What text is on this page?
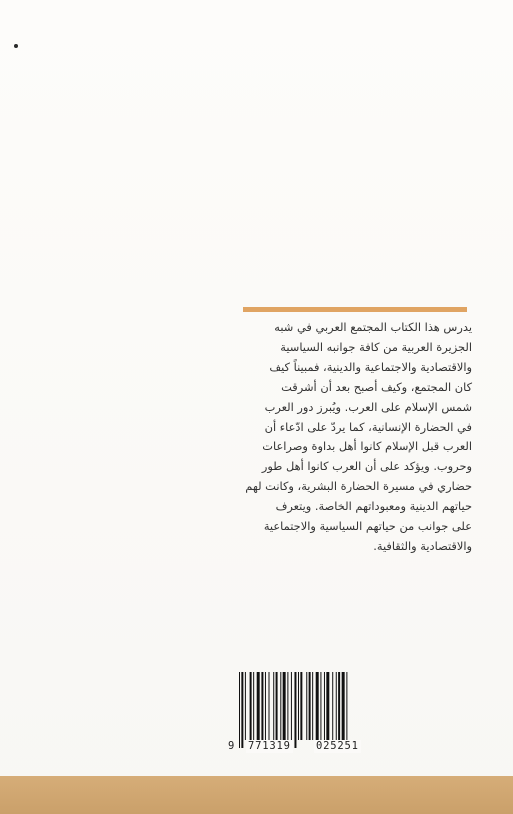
يدرس هذا الكتاب المجتمع العربي في شبه
الجزيرة العربية من كافة جوانبه السياسية
والاقتصادية والاجتماعية والدينية، فمبيناً كيف
كان المجتمع، وكيف أصبح بعد أن أشرقت
شمس الإسلام على العرب. ويُبرز دور العرب
في الحضارة الإنسانية، كما يردّ على ادّعاء أن
العرب قبل الإسلام كانوا أهل بداوة وصراعات
وحروب. ويؤكد على أن العرب كانوا أهل طور
حضاري في مسيرة الحضارة البشرية، وكانت لهم
حياتهم الدينية ومعبوداتهم الخاصة. ويتعرف
على جوانب من حياتهم السياسية والاجتماعية
والاقتصادية والثقافية.

9 771319 025251
